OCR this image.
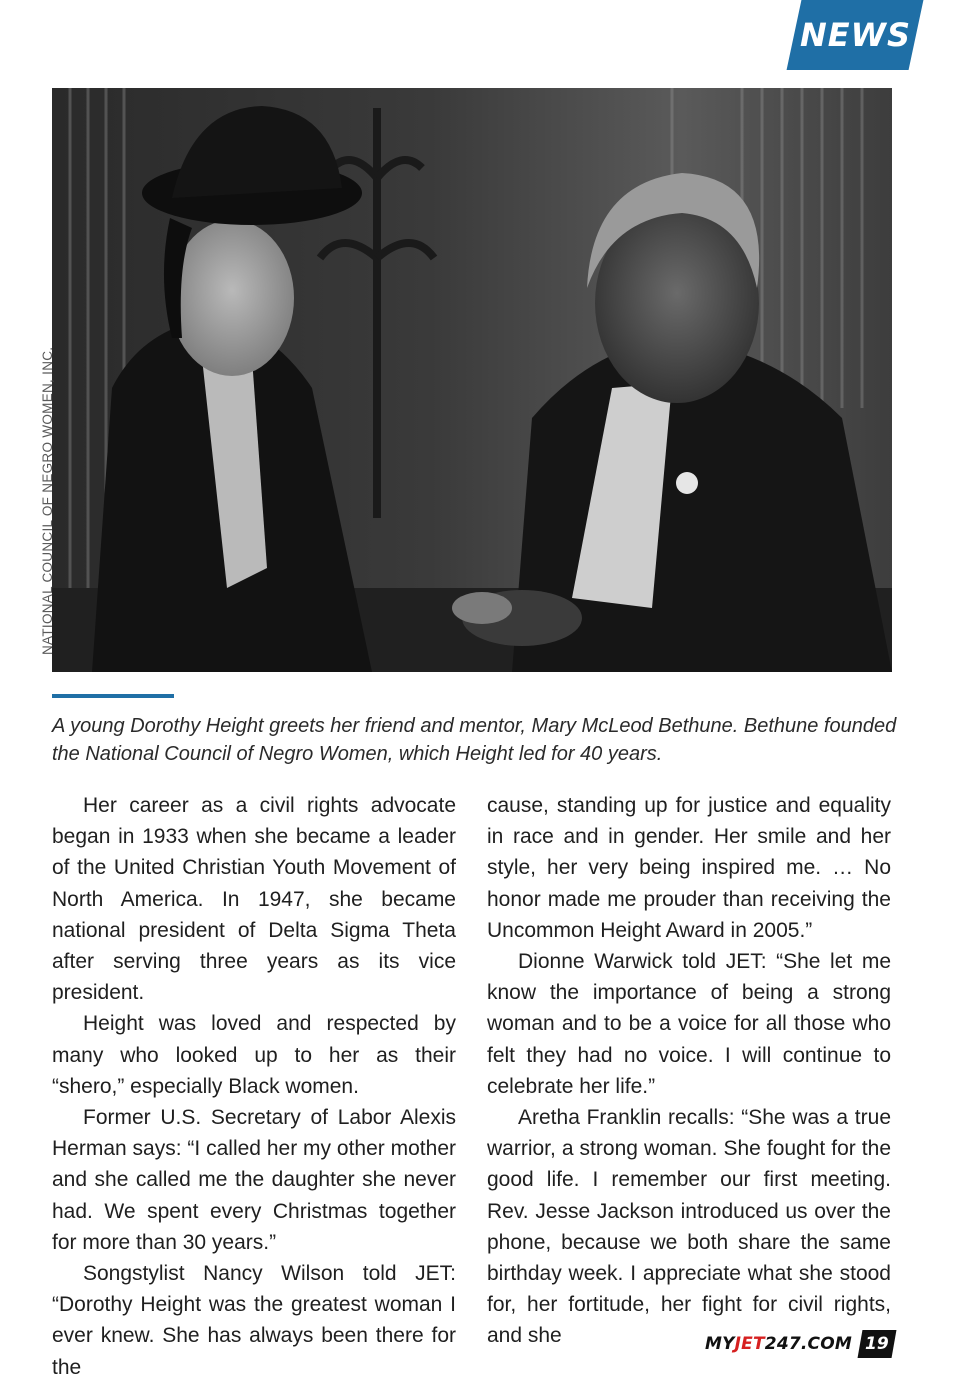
NEWS
NATIONAL COUNCIL OF NEGRO WOMEN, INC.

A young Dorothy Height greets her friend and mentor, Mary McLeod Bethune. Bethune founded the National Council of Negro Women, which Height led for 40 years.

Her career as a civil rights advocate began in 1933 when she became a leader of the United Christian Youth Movement of North America. In 1947, she became national president of Delta Sigma Theta after serving three years as its vice president.

Height was loved and respected by many who looked up to her as their “shero,” especially Black women.

Former U.S. Secretary of Labor Alexis Herman says: “I called her my other mother and she called me the daughter she never had. We spent every Christmas together for more than 30 years.”

Songstylist Nancy Wilson told JET: “Dorothy Height was the greatest woman I ever knew. She has always been there for the

cause, standing up for justice and equality in race and in gender. Her smile and her style, her very being inspired me. … No honor made me prouder than receiving the Uncommon Height Award in 2005.”

Dionne Warwick told JET: “She let me know the importance of being a strong woman and to be a voice for all those who felt they had no voice. I will continue to celebrate her life.”

Aretha Franklin recalls: “She was a true warrior, a strong woman. She fought for the good life. I remember our first meeting. Rev. Jesse Jackson introduced us over the phone, because we both share the same birthday week. I appreciate what she stood for, her fortitude, her fight for civil rights, and she	MYJET247.COM 19
